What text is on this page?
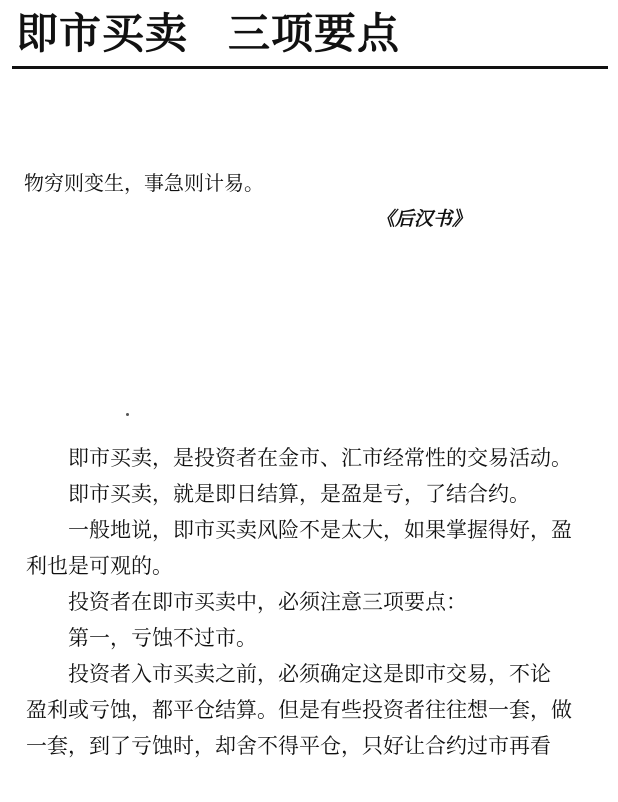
即市买卖 三项要点
物穷则变生，事急则计易。
《后汉书》

即市买卖，是投资者在金市、汇市经常性的交易活动。

即市买卖，就是即日结算，是盈是亏，了结合约。

一般地说，即市买卖风险不是太大，如果掌握得好，盈

利也是可观的。

投资者在即市买卖中，必须注意三项要点：

第一，亏蚀不过市。

投资者入市买卖之前，必须确定这是即市交易，不论

盈利或亏蚀，都平仓结算。但是有些投资者往往想一套，做

一套，到了亏蚀时，却舍不得平仓，只好让合约过市再看
